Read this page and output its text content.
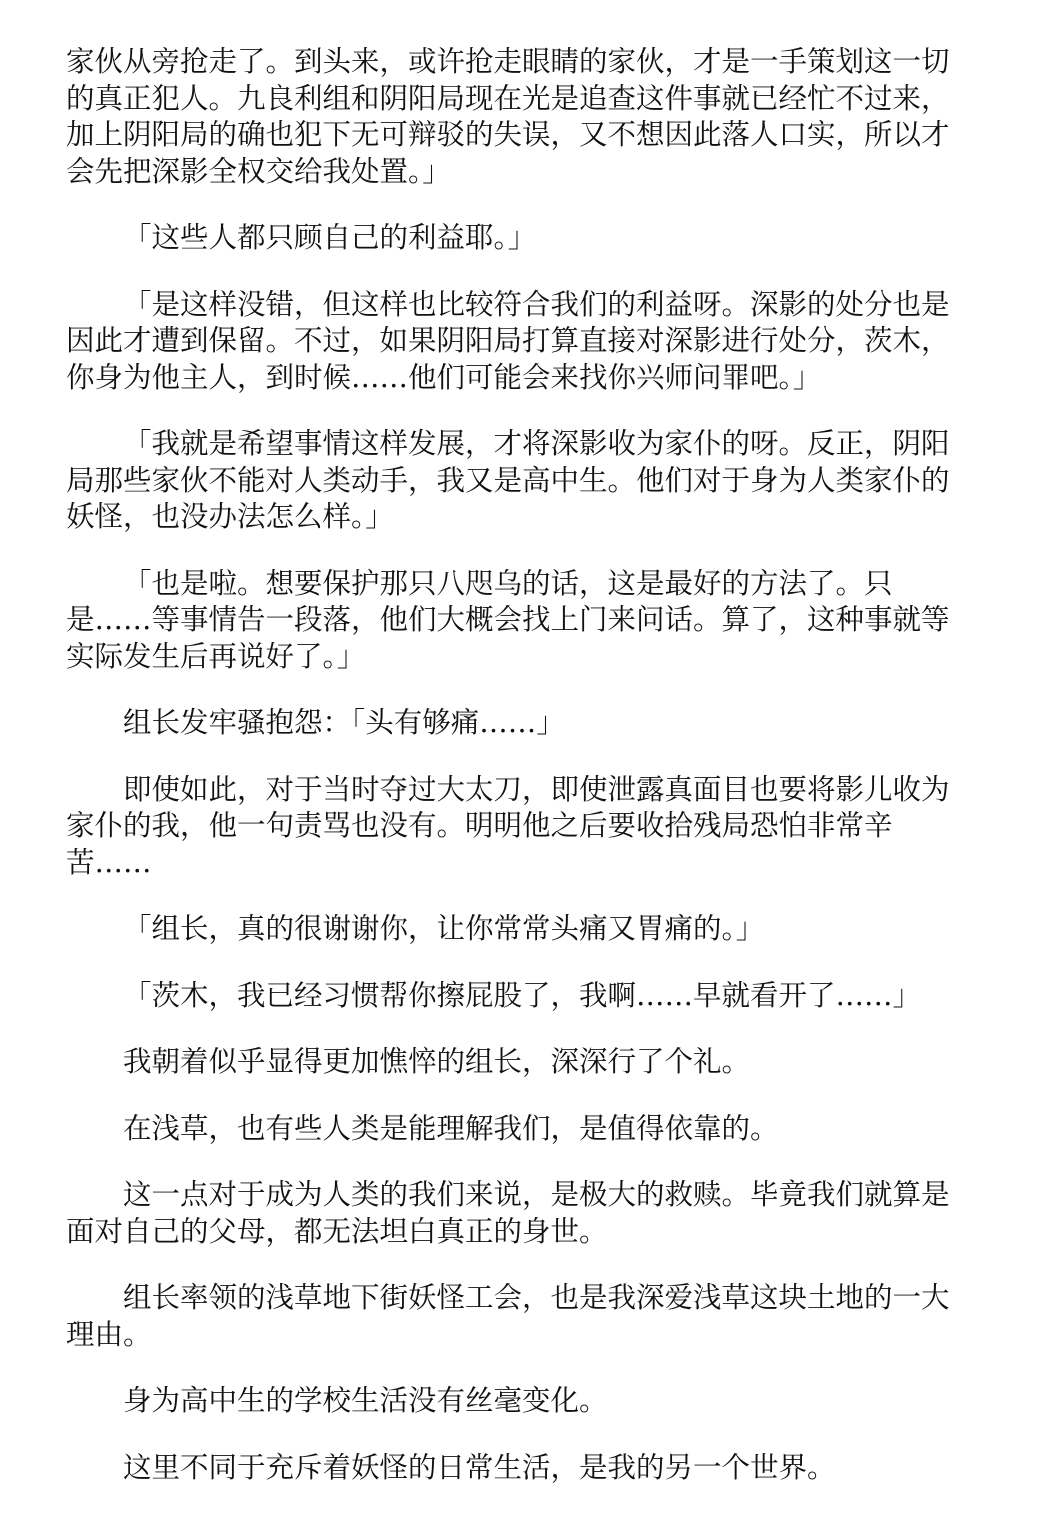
家伙从旁抢走了。到头来，或许抢走眼睛的家伙，才是一手策划这一切的真正犯人。九良利组和阴阳局现在光是追查这件事就已经忙不过来，加上阴阳局的确也犯下无可辩驳的失误，又不想因此落人口实，所以才会先把深影全权交给我处置。」

「这些人都只顾自己的利益耶。」

「是这样没错，但这样也比较符合我们的利益呀。深影的处分也是因此才遭到保留。不过，如果阴阳局打算直接对深影进行处分，茨木，你身为他主人，到时候……他们可能会来找你兴师问罪吧。」

「我就是希望事情这样发展，才将深影收为家仆的呀。反正，阴阳局那些家伙不能对人类动手，我又是高中生。他们对于身为人类家仆的妖怪，也没办法怎么样。」

「也是啦。想要保护那只八咫乌的话，这是最好的方法了。只是……等事情告一段落，他们大概会找上门来问话。算了，这种事就等实际发生后再说好了。」

组长发牢骚抱怨：「头有够痛……」

即使如此，对于当时夺过大太刀，即使泄露真面目也要将影儿收为家仆的我，他一句责骂也没有。明明他之后要收拾残局恐怕非常辛苦……

「组长，真的很谢谢你，让你常常头痛又胃痛的。」

「茨木，我已经习惯帮你擦屁股了，我啊……早就看开了……」

我朝着似乎显得更加憔悴的组长，深深行了个礼。

在浅草，也有些人类是能理解我们，是值得依靠的。

这一点对于成为人类的我们来说，是极大的救赎。毕竟我们就算是面对自己的父母，都无法坦白真正的身世。

组长率领的浅草地下街妖怪工会，也是我深爱浅草这块土地的一大理由。

身为高中生的学校生活没有丝毫变化。

这里不同于充斥着妖怪的日常生活，是我的另一个世界。
